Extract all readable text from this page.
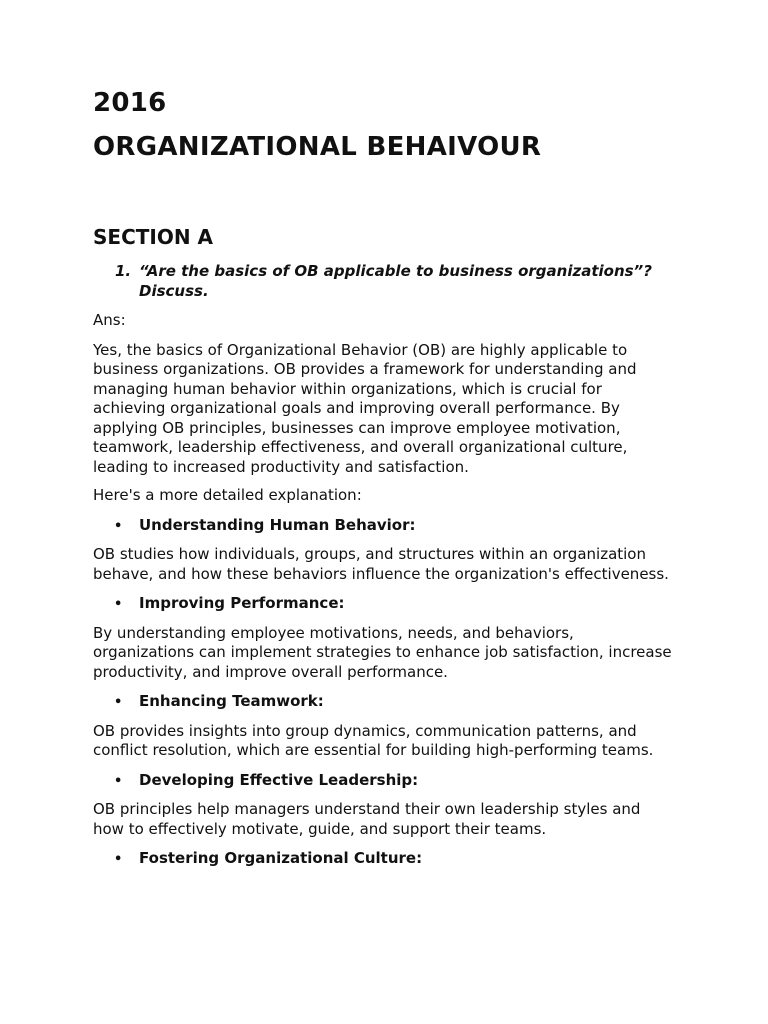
2016
ORGANIZATIONAL BEHAIVOUR
SECTION A
1. “Are the basics of OB applicable to business organizations”? Discuss.

Ans:

Yes, the basics of Organizational Behavior (OB) are highly applicable to business organizations. OB provides a framework for understanding and managing human behavior within organizations, which is crucial for achieving organizational goals and improving overall performance. By applying OB principles, businesses can improve employee motivation, teamwork, leadership effectiveness, and overall organizational culture, leading to increased productivity and satisfaction.

Here's a more detailed explanation:

•	Understanding Human Behavior:

OB studies how individuals, groups, and structures within an organization behave, and how these behaviors influence the organization's effectiveness.

•	Improving Performance:

By understanding employee motivations, needs, and behaviors, organizations can implement strategies to enhance job satisfaction, increase productivity, and improve overall performance.

•	Enhancing Teamwork:

OB provides insights into group dynamics, communication patterns, and conflict resolution, which are essential for building high-performing teams.

•	Developing Effective Leadership:

OB principles help managers understand their own leadership styles and how to effectively motivate, guide, and support their teams.

•	Fostering Organizational Culture:
